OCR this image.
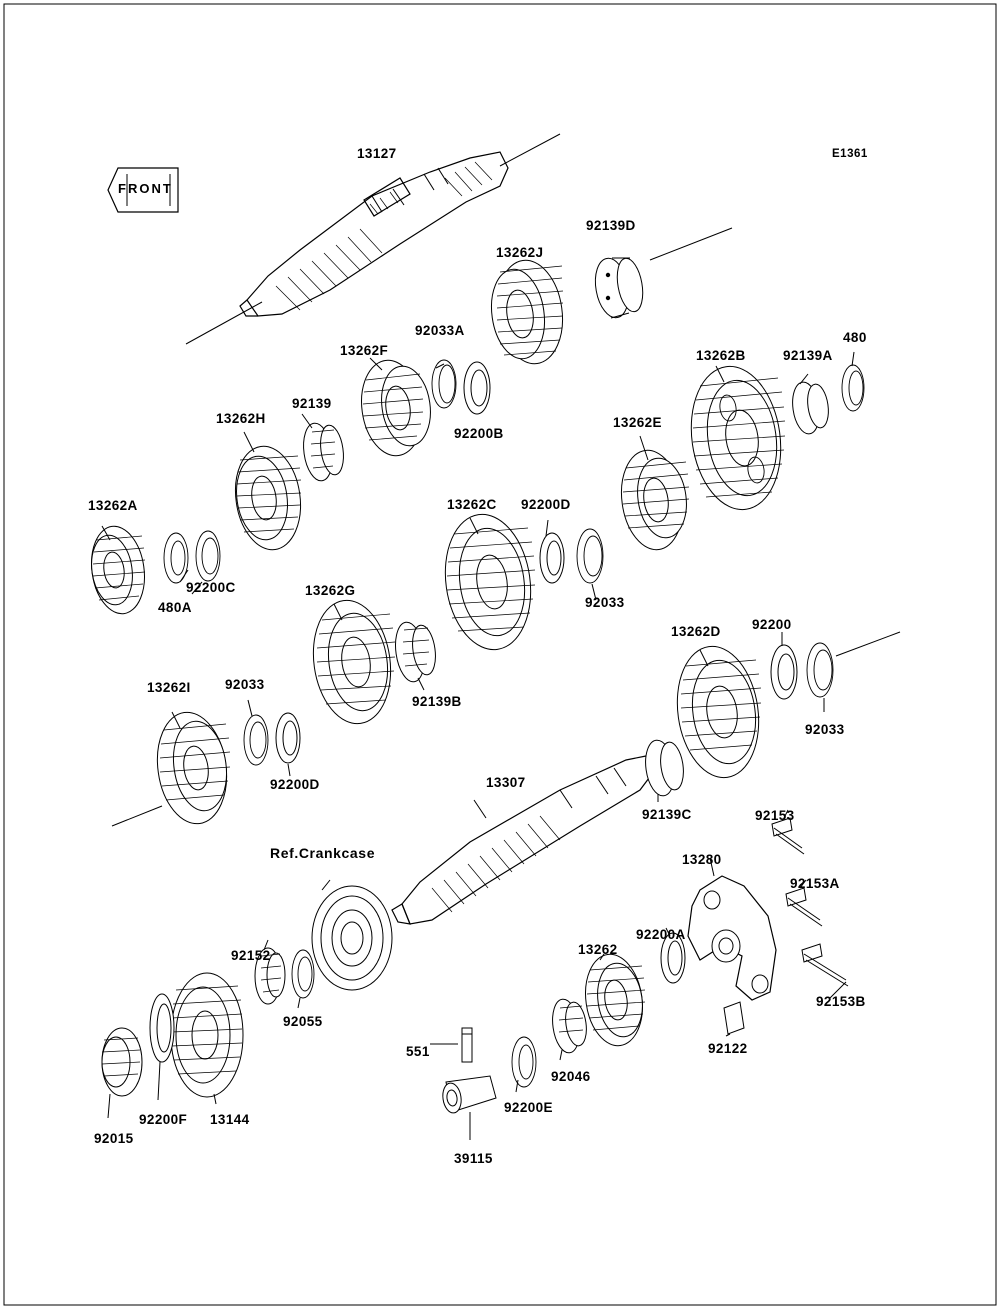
E1361
FRONT
Ref.Crankcase
13127
92139D
13262J
92033A
13262F	13262B	92139A
480
92139
92200B
13262H	13262E
13262A	13262C 92200D
92200C
480A	92033
13262G
13262D 92200
92139B
92033
13262I	92033
92200D	13307
92139C	92153
13280
92153A
92152
92200A
13262
92153B
92055
92122
551
92046
92200F 13144
92200E
92015
39115
